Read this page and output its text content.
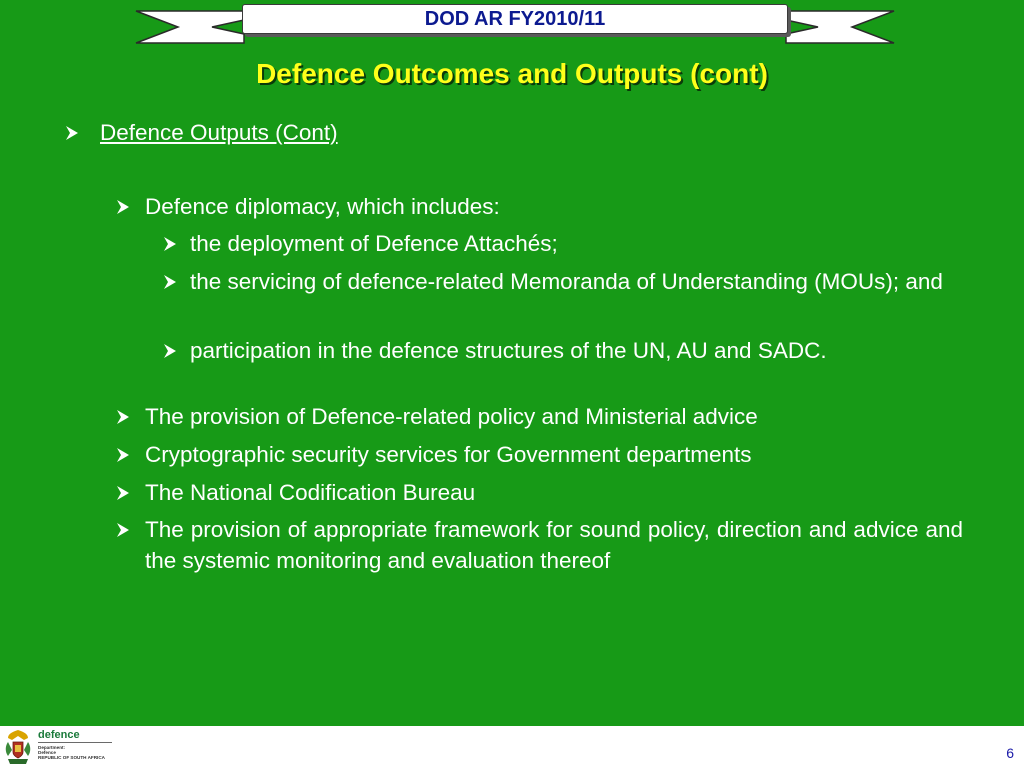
DOD AR FY2010/11
Defence Outcomes and Outputs (cont)
Defence Outputs (Cont)
Defence diplomacy, which includes:
the deployment of Defence Attachés;
the servicing of defence-related Memoranda of Understanding (MOUs); and
participation in the defence structures of the UN, AU and SADC.
The provision of Defence-related policy and Ministerial advice
Cryptographic security services for Government departments
The National Codification Bureau
The provision of appropriate framework for sound policy, direction and advice and the systemic monitoring and evaluation thereof
defence
Department:
Defence
REPUBLIC OF SOUTH AFRICA	6
